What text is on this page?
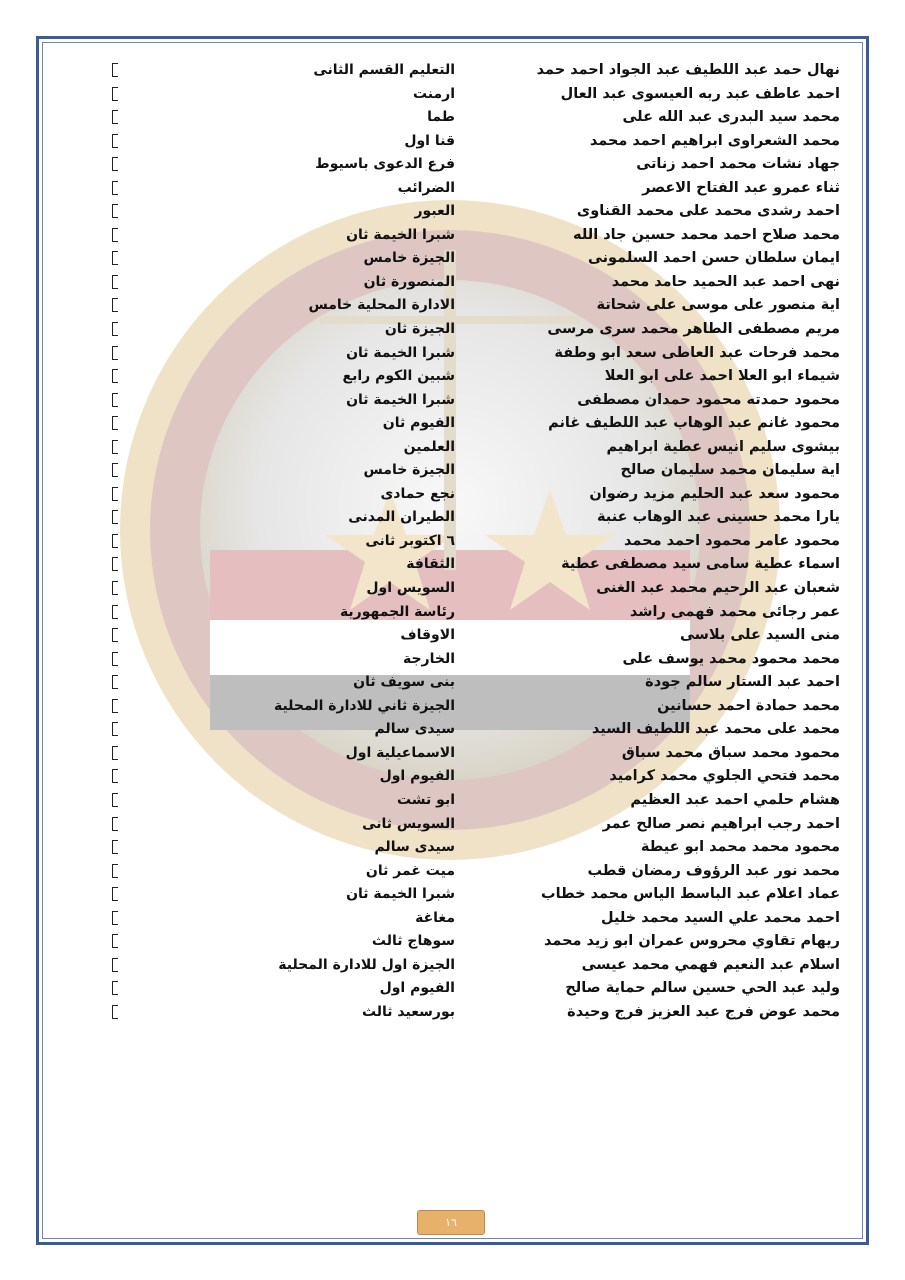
نهال حمد عبد اللطيف عبد الجواد احمد حمد
التعليم القسم الثانى
احمد عاطف عبد ربه العيسوى عبد العال
ارمنت
محمد سيد البدرى عبد الله على
طما
محمد الشعراوى ابراهيم احمد محمد
قنا اول
جهاد نشات محمد احمد زناتى
فرع الدعوى باسيوط
ثناء عمرو عبد الفتاح الاعصر
الضرائب
احمد رشدى محمد على محمد القناوى
العبور
محمد صلاح احمد محمد حسين جاد الله
شبرا الخيمة ثان
ايمان سلطان حسن احمد السلمونى
الجيزة خامس
نهى احمد عبد الحميد حامد محمد
المنصورة ثان
اية منصور على موسى على شحاتة
الادارة المحلية خامس
مريم مصطفى الطاهر محمد سرى مرسى
الجيزة ثان
محمد فرحات عبد العاطى سعد ابو وطفة
شبرا الخيمة ثان
شيماء ابو العلا احمد على ابو العلا
شبين الكوم رابع
محمود حمدته محمود حمدان مصطفى
شبرا الخيمة ثان
محمود غانم عبد الوهاب عبد اللطيف غانم
الفيوم ثان
بيشوى سليم انيس عطية ابراهيم
العلمين
اية سليمان محمد سليمان صالح
الجيزة خامس
محمود سعد عبد الحليم مزيد رضوان
نجع حمادى
يارا محمد حسينى عبد الوهاب عنبة
الطيران المدنى
محمود عامر محمود احمد محمد
٦ اكتوبر ثانى
اسماء عطية سامى سيد مصطفى عطية
الثقافة
شعبان عبد الرحيم محمد عبد الغنى
السويس اول
عمر رجائى محمد فهمى راشد
رئاسة الجمهورية
منى السيد على بلاسى
الاوقاف
محمد محمود محمد يوسف على
الخارجة
احمد عبد الستار سالم جودة
بنى سويف ثان
محمد حمادة احمد حسانين
الجيزة ثاني للادارة المحلية
محمد على محمد عبد اللطيف السيد
سيدى سالم
محمود محمد سباق محمد سباق
الاسماعيلية اول
محمد فتحي الجلوي محمد كراميد
الفيوم اول
هشام حلمي احمد عبد العظيم
ابو تشت
احمد رجب ابراهيم نصر صالح عمر
السويس ثانى
محمود محمد محمد ابو عيطة
سيدى سالم
محمد نور عبد الرؤوف رمضان قطب
ميت غمر ثان
عماد اعلام عبد الباسط الياس محمد خطاب
شبرا الخيمة ثان
احمد محمد علي السيد محمد خليل
مغاغة
ريهام تقاوي محروس عمران ابو زيد محمد
سوهاج ثالث
اسلام عبد النعيم فهمي محمد عيسى
الجيزة اول للادارة المحلية
وليد عبد الحي حسين سالم حماية صالح
الفيوم اول
محمد عوض فرج عبد العزيز فرج وحيدة
بورسعيد ثالث
١٦
